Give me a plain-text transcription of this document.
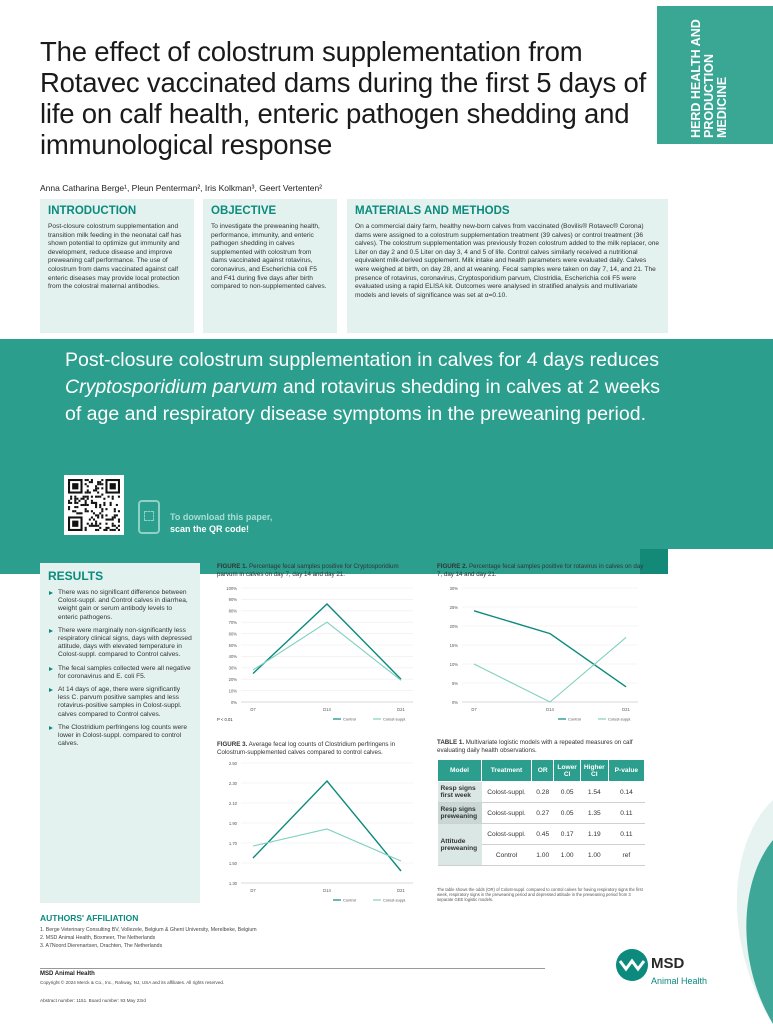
The effect of colostrum supplementation from Rotavec vaccinated dams during the first 5 days of life on calf health, enteric pathogen shedding and immunological response
HERD HEALTH AND PRODUCTION MEDICINE
Anna Catharina Berge¹, Pleun Penterman², Iris Kolkman³, Geert Vertenten²
INTRODUCTION

Post-closure colostrum supplementation and transition milk feeding in the neonatal calf has shown potential to optimize gut immunity and development, reduce disease and improve preweaning calf performance. The use of colostrum from dams vaccinated against calf enteric diseases may provide local protection from the colostral maternal antibodies.

OBJECTIVE

To investigate the preweaning health, performance, immunity, and enteric pathogen shedding in calves supplemented with colostrum from dams vaccinated against rotavirus, coronavirus, and Escherichia coli F5 and F41 during five days after birth compared to non-supplemented calves.

MATERIALS AND METHODS

On a commercial dairy farm, healthy new-born calves from vaccinated (Bovilis® Rotavec® Corona) dams were assigned to a colostrum supplementation treatment (39 calves) or control treatment (36 calves). The colostrum supplementation was previously frozen colostrum added to the milk replacer, one Liter on day 2 and 0.5 Liter on day 3, 4 and 5 of life. Control calves similarly received a nutritional equivalent milk-derived supplement. Milk intake and health parameters were evaluated daily. Calves were weighed at birth, on day 28, and at weaning. Fecal samples were taken on day 7, 14, and 21. The presence of rotavirus, coronavirus, Cryptosporidium parvum, Clostridia, Escherichia coli F5 were evaluated using a rapid ELISA kit. Outcomes were analysed in stratified analysis and multivariate models and levels of significance was set at α=0.10.

Post-closure colostrum supplementation in calves for 4 days reduces Cryptosporidium parvum and rotavirus shedding in calves at 2 weeks of age and respiratory disease symptoms in the preweaning period.
To download this paper,
scan the QR code!
RESULTS
There was no significant difference between Colost-suppl. and Control calves in diarrhea, weight gain or serum antibody levels to enteric pathogens.
There were marginally non-significantly less respiratory clinical signs, days with depressed attitude, days with elevated temperature in Colost-suppl. compared to Control calves.
The fecal samples collected were all negative for coronavirus and E. coli F5.
At 14 days of age, there were significantly less C. parvum positive samples and less rotavirus-positive samples in Colost-suppl. calves compared to Control calves.
The Clostridium perfringens log counts were lower in Colost-suppl. compared to control calves.
FIGURE 1. Percentage fecal samples positive for Cryptosporidium parvum in calves on day 7, day 14 and day 21.
FIGURE 2. Percentage fecal samples positive for rotavirus in calves on day 7, day 14 and day 21.
FIGURE 3. Average fecal log counts of Clostridium perfringens in Colostrum-supplemented calves compared to control calves.
P < 0.01
0%
10%
20%
30%
40%
50%
60%
70%
80%
90%
100%
D7	D14	D21
Control	Colost-suppl.
0%
5%
10%
15%
20%
25%
30%
D7	D14	D21
Control	Colost-suppl.
1.30
1.50
1.70
1.90
2.10
2.30
2.50
D7	D14	D21
Control	Colost-suppl.
TABLE 1. Multivariate logistic models with a repeated measures on calf evaluating daily health observations.
Model	Treatment	OR	Lower CI	Higher CI	P-value
Resp signs first week	Colost-suppl.	0.28	0.05	1.54	0.14
Resp signs preweaning	Colost-suppl.	0.27	0.05	1.35	0.11
Attitude preweaning	Colost-suppl.	0.45	0.17	1.19	0.11
	Control	1.00	1.00	1.00	ref
The table shows the odds (OR) of Colost-suppl. compared to control calves for having respiratory signs the first week, respiratory signs in the preweaning period and depressed attitude in the preweaning period from 3 separate GEE logistic models.
AUTHORS' AFFILIATION

1. Berge Veterinary Consulting BV, Vollezele, Belgium & Ghent University, Merelbeke, Belgium

2. MSD Animal Health, Boxmeer, The Netherlands

3. A7Noord Dierenartsen, Drachten, The Netherlands

MSD Animal Health
Copyright © 2024 Merck & Co., Inc., Rahway, NJ, USA and its affiliates. All rights reserved.
Abstract number: 1151. Board number: 93 May 23rd
MSD
Animal Health
